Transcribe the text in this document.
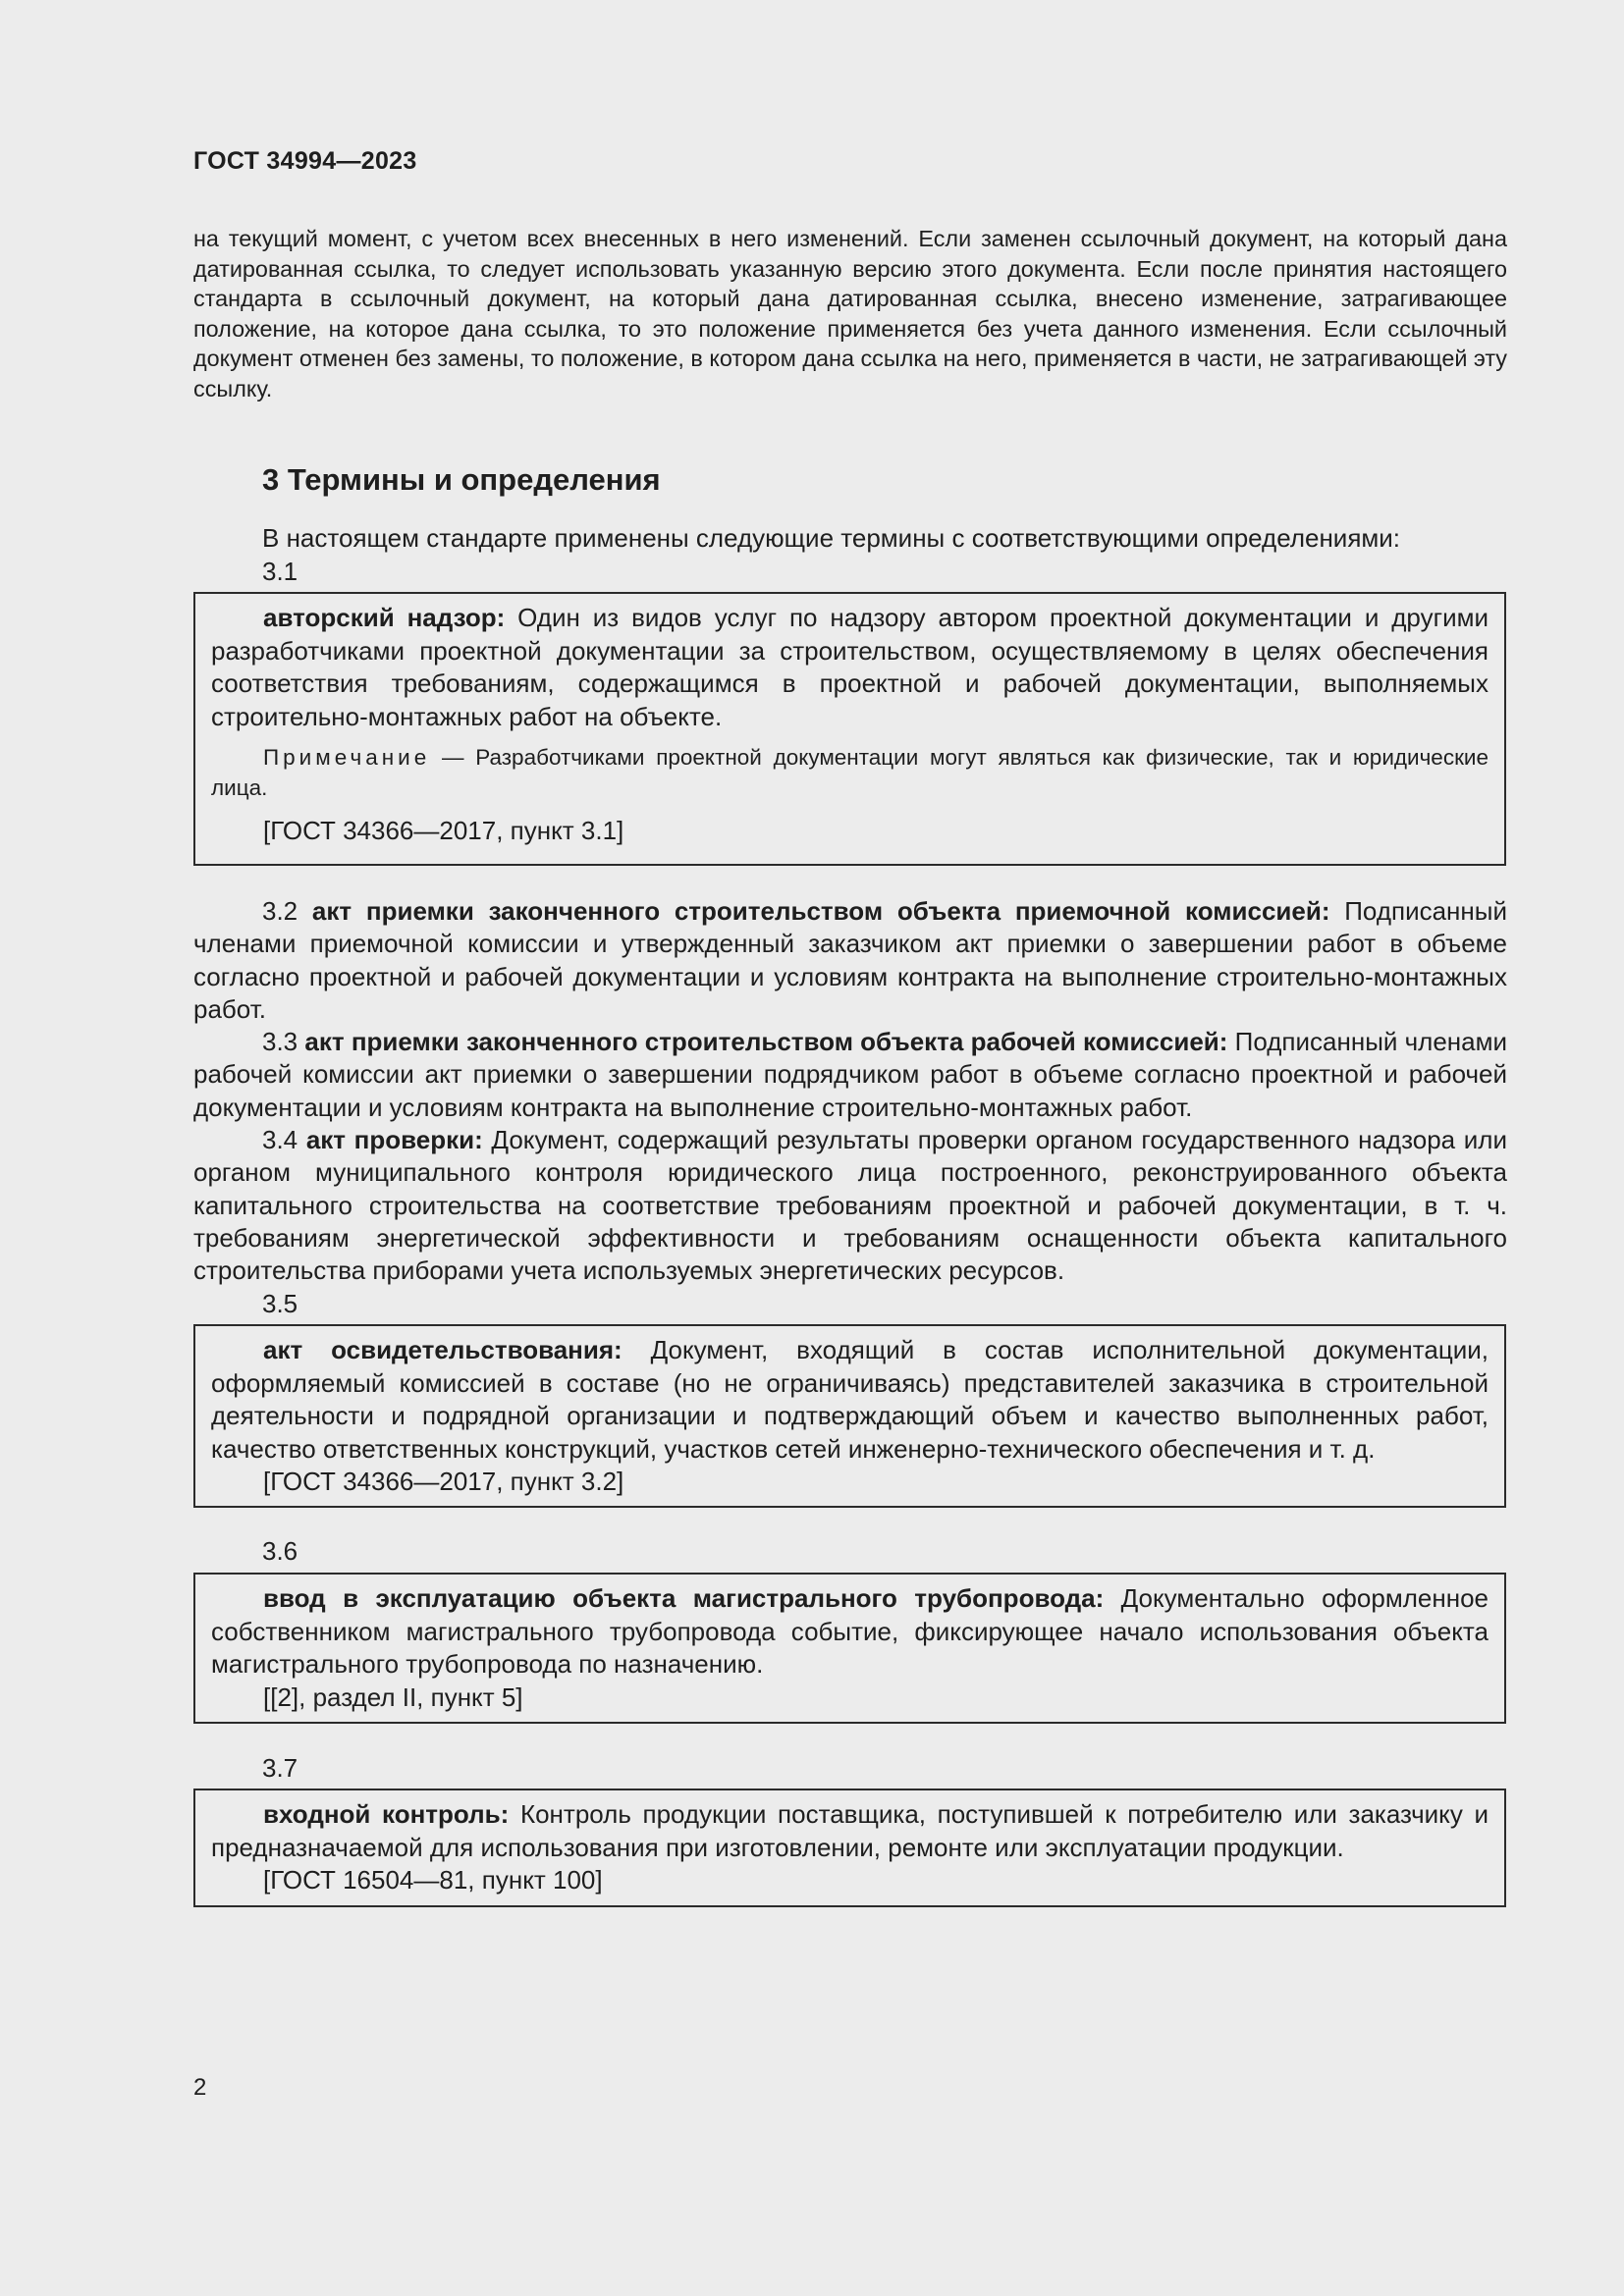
ГОСТ 34994—2023
на текущий момент, с учетом всех внесенных в него изменений. Если заменен ссылочный документ, на который дана датированная ссылка, то следует использовать указанную версию этого документа. Если после принятия настоящего стандарта в ссылочный документ, на который дана датированная ссылка, внесено изменение, затрагивающее положение, на которое дана ссылка, то это положение применяется без учета данного изменения. Если ссылочный документ отменен без замены, то положение, в котором дана ссылка на него, применяется в части, не затрагивающей эту ссылку.
3 Термины и определения
В настоящем стандарте применены следующие термины с соответствующими определениями:
3.1

авторский надзор: Один из видов услуг по надзору автором проектной документации и другими разработчиками проектной документации за строительством, осуществляемому в целях обеспечения соответствия требованиям, содержащимся в проектной и рабочей документации, выполняемых строительно-монтажных работ на объекте.

Примечание — Разработчиками проектной документации могут являться как физические, так и юридические лица.

[ГОСТ 34366—2017, пункт 3.1]

3.2 акт приемки законченного строительством объекта приемочной комиссией: Подписанный членами приемочной комиссии и утвержденный заказчиком акт приемки о завершении работ в объеме согласно проектной и рабочей документации и условиям контракта на выполнение строительно-монтажных работ.

3.3 акт приемки законченного строительством объекта рабочей комиссией: Подписанный членами рабочей комиссии акт приемки о завершении подрядчиком работ в объеме согласно проектной и рабочей документации и условиям контракта на выполнение строительно-монтажных работ.

3.4 акт проверки: Документ, содержащий результаты проверки органом государственного надзора или органом муниципального контроля юридического лица построенного, реконструированного объекта капитального строительства на соответствие требованиям проектной и рабочей документации, в т. ч. требованиям энергетической эффективности и требованиям оснащенности объекта капитального строительства приборами учета используемых энергетических ресурсов.

3.5

акт освидетельствования: Документ, входящий в состав исполнительной документации, оформляемый комиссией в составе (но не ограничиваясь) представителей заказчика в строительной деятельности и подрядной организации и подтверждающий объем и качество выполненных работ, качество ответственных конструкций, участков сетей инженерно-технического обеспечения и т. д.

[ГОСТ 34366—2017, пункт 3.2]

3.6

ввод в эксплуатацию объекта магистрального трубопровода: Документально оформленное собственником магистрального трубопровода событие, фиксирующее начало использования объекта магистрального трубопровода по назначению.

[[2], раздел II, пункт 5]

3.7

входной контроль: Контроль продукции поставщика, поступившей к потребителю или заказчику и предназначаемой для использования при изготовлении, ремонте или эксплуатации продукции.

[ГОСТ 16504—81, пункт 100]

2
